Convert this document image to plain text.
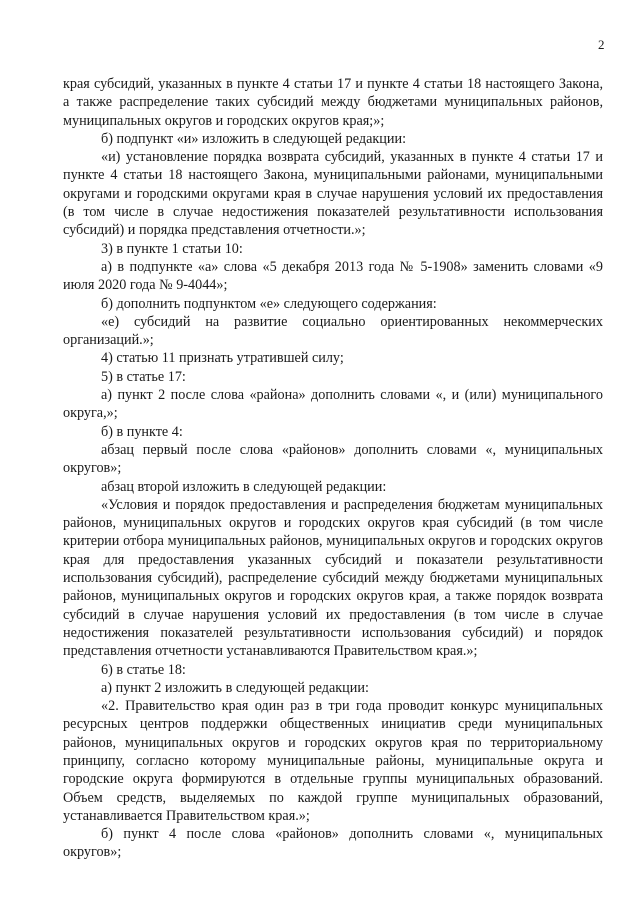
2

края субсидий, указанных в пункте 4 статьи 17 и пункте 4 статьи 18 настоящего Закона, а также распределение таких субсидий между бюджетами муниципальных районов, муниципальных округов и городских округов края;»;

б) подпункт «и» изложить в следующей редакции:

«и) установление порядка возврата субсидий, указанных в пункте 4 статьи 17 и пункте 4 статьи 18 настоящего Закона, муниципальными районами, муниципальными округами и городскими округами края в случае нарушения условий их предоставления (в том числе в случае недостижения показателей результативности использования субсидий) и порядка представления отчетности.»;

3) в пункте 1 статьи 10:

а) в подпункте «а» слова «5 декабря 2013 года № 5-1908» заменить словами «9 июля 2020 года № 9-4044»;

б) дополнить подпунктом «е» следующего содержания:

«е) субсидий на развитие социально ориентированных некоммерческих организаций.»;

4) статью 11 признать утратившей силу;

5) в статье 17:

а) пункт 2 после слова «района» дополнить словами «, и (или) муниципального округа,»;

б) в пункте 4:

абзац первый после слова «районов» дополнить словами «, муниципальных округов»;

абзац второй изложить в следующей редакции:

«Условия и порядок предоставления и распределения бюджетам муниципальных районов, муниципальных округов и городских округов края субсидий (в том числе критерии отбора муниципальных районов, муниципальных округов и городских округов края для предоставления указанных субсидий и показатели результативности использования субсидий), распределение субсидий между бюджетами муниципальных районов, муниципальных округов и городских округов края, а также порядок возврата субсидий в случае нарушения условий их предоставления (в том числе в случае недостижения показателей результативности использования субсидий) и порядок представления отчетности устанавливаются Правительством края.»;

6) в статье 18:

а) пункт 2 изложить в следующей редакции:

«2. Правительство края один раз в три года проводит конкурс муниципальных ресурсных центров поддержки общественных инициатив среди муниципальных районов, муниципальных округов и городских округов края по территориальному принципу, согласно которому муниципальные районы, муниципальные округа и городские округа формируются в отдельные группы муниципальных образований. Объем средств, выделяемых по каждой группе муниципальных образований, устанавливается Правительством края.»;

б) пункт 4 после слова «районов» дополнить словами «, муниципальных округов»;
